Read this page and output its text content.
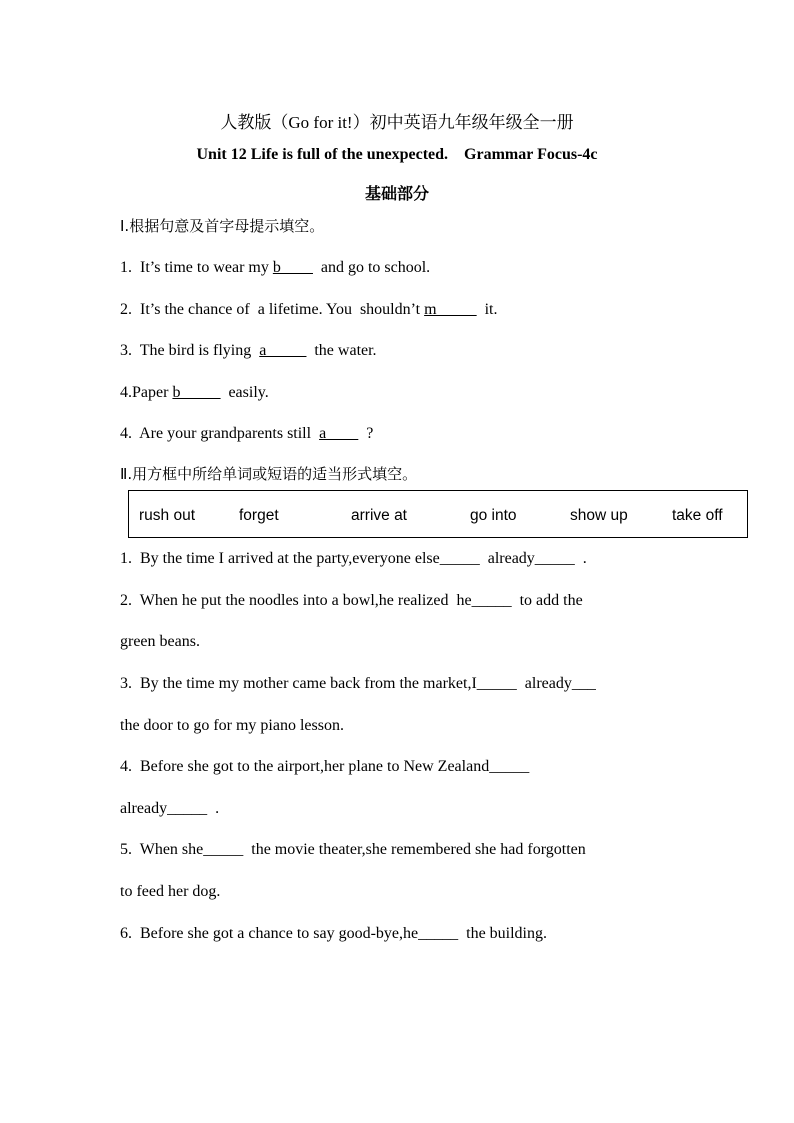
人教版（Go for it!）初中英语九年级年级全一册
Unit 12 Life is full of the unexpected.    Grammar Focus-4c
基础部分
Ⅰ.根据句意及首字母提示填空。
1.  It’s time to wear my b____  and go to school.
2.  It’s the chance of  a lifetime. You  shouldn’t m_____  it.
3.  The bird is flying  a_____  the water.
4.Paper b_____  easily.
4.  Are your grandparents still  a____  ?
Ⅱ.用方框中所给单词或短语的适当形式填空。
rush out	forget	arrive at	go into	show up	take off
1.  By the time I arrived at the party,everyone else_____  already_____  .
2.  When he put the noodles into a bowl,he realized  he_____  to add the
green beans.
3.  By the time my mother came back from the market,I_____  already___
the door to go for my piano lesson.
4.  Before she got to the airport,her plane to New Zealand_____
already_____  .
5.  When she_____  the movie theater,she remembered she had forgotten
to feed her dog.
6.  Before she got a chance to say good-bye,he_____  the building.
